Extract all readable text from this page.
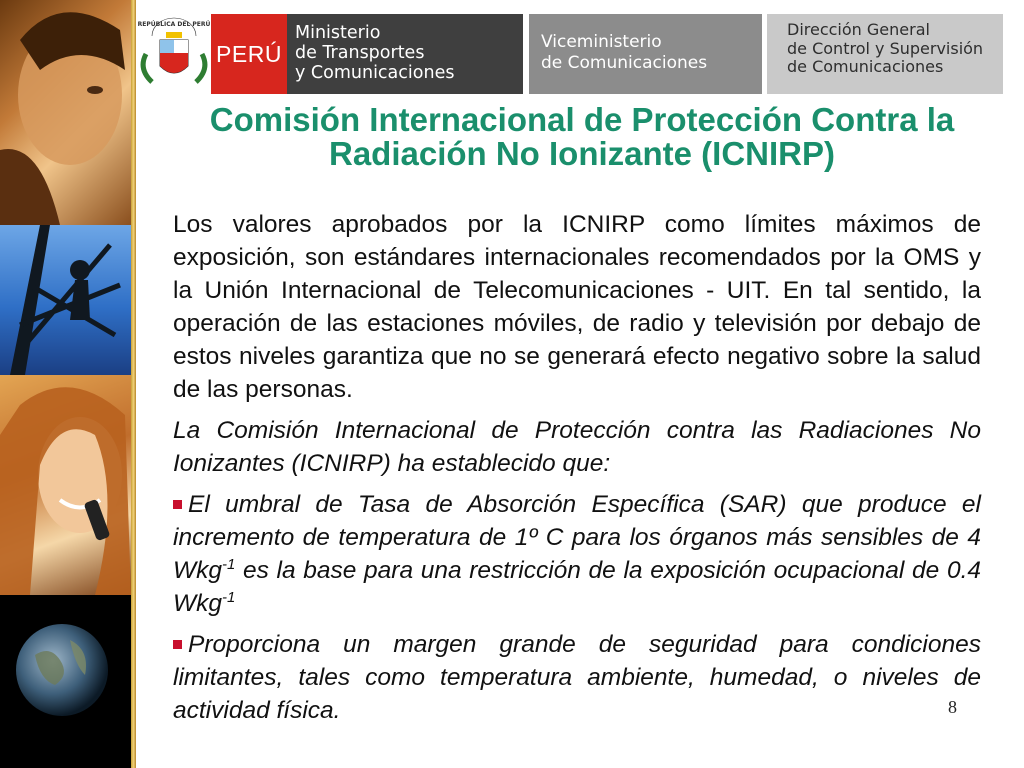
REPÚBLICA DEL PERÚ
PERÚ
Ministerio
de Transportes
y Comunicaciones
Viceministerio
de Comunicaciones
Dirección General
de Control y Supervisión
de Comunicaciones
Comisión Internacional de Protección Contra la
Radiación No Ionizante (ICNIRP)

Los valores aprobados por la ICNIRP como límites máximos de exposición, son estándares internacionales recomendados por la OMS y la Unión Internacional de Telecomunicaciones - UIT. En tal sentido, la operación de las estaciones móviles, de radio y televisión por debajo de estos niveles garantiza que no se generará efecto negativo sobre la salud de las personas.

La Comisión Internacional de Protección contra las Radiaciones No Ionizantes (ICNIRP) ha establecido que:

El umbral de Tasa de Absorción Específica (SAR) que produce el incremento de temperatura de 1º C para los órganos más sensibles de 4 Wkg$^{-1}$ es la base para una restricción de la exposición ocupacional de 0.4 Wkg$^{-1}$

Proporciona un margen grande de seguridad para condiciones limitantes, tales como temperatura ambiente, humedad, o niveles de actividad física.	8
